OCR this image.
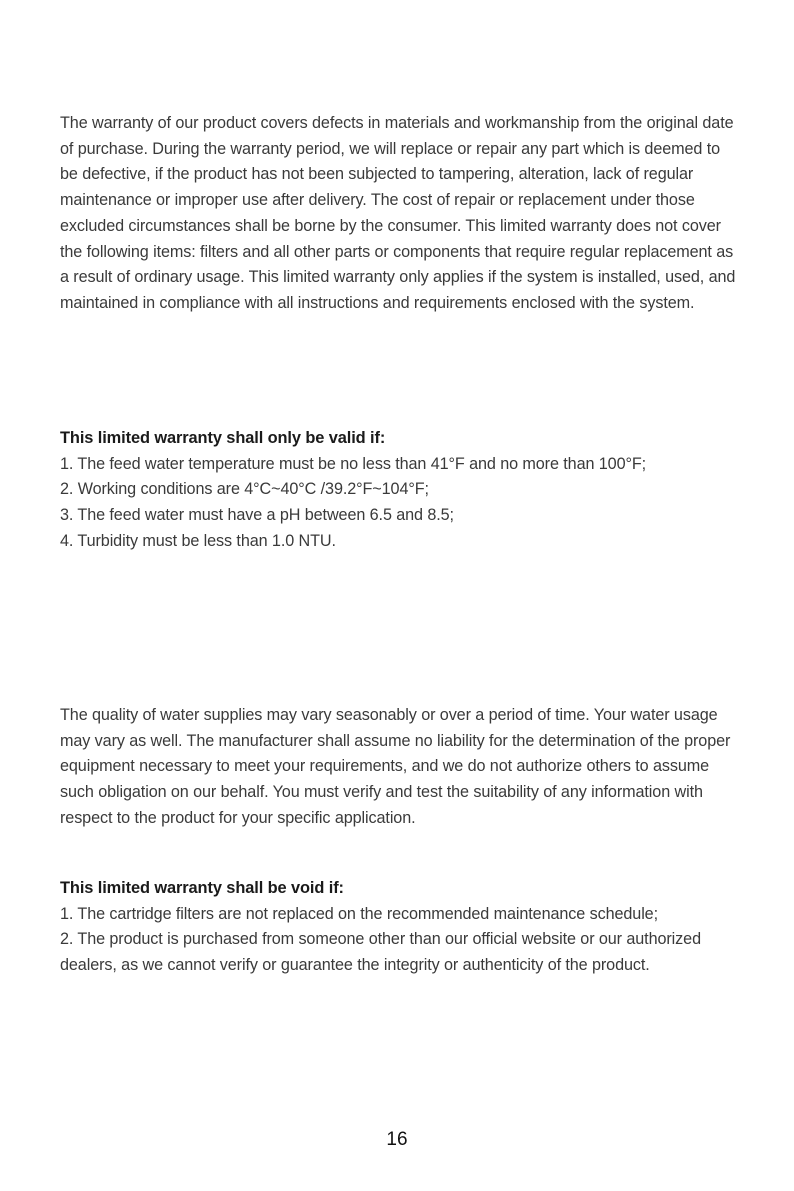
The warranty of our product covers defects in materials and workmanship from the original date of purchase. During the warranty period, we will replace or repair any part which is deemed to be defective, if the product has not been subjected to tampering, alteration, lack of regular maintenance or improper use after delivery. The cost of repair or replacement under those excluded circumstances shall be borne by the consumer. This limited warranty does not cover the following items: filters and all other parts or components that require regular replacement as a result of ordinary usage. This limited warranty only applies if the system is installed, used, and maintained in compliance with all instructions and requirements enclosed with the system.

This limited warranty shall only be valid if:

1. The feed water temperature must be no less than 41°F and no more than 100°F;

2. Working conditions are 4°C~40°C /39.2°F~104°F;

3. The feed water must have a pH between 6.5 and 8.5;

4. Turbidity must be less than 1.0 NTU.

The quality of water supplies may vary seasonably or over a period of time. Your water usage may vary as well. The manufacturer shall assume no liability for the determination of the proper equipment necessary to meet your requirements, and we do not authorize others to assume such obligation on our behalf. You must verify and test the suitability of any information with respect to the product for your specific application.

This limited warranty shall be void if:

1. The cartridge filters are not replaced on the recommended maintenance schedule;

2. The product is purchased from someone other than our official website or our authorized dealers, as we cannot verify or guarantee the integrity or authenticity of the product.

16
